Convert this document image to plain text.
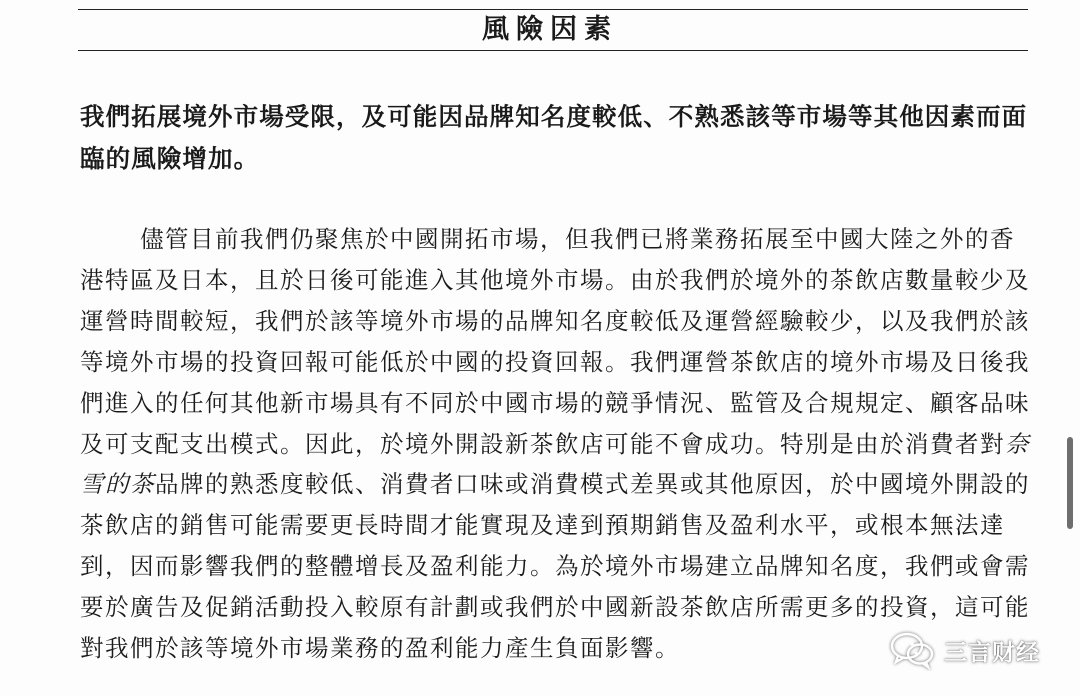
風險因素
我們拓展境外市場受限，及可能因品牌知名度較低、不熟悉該等市場等其他因素而面臨的風險增加。
儘管目前我們仍聚焦於中國開拓市場，但我們已將業務拓展至中國大陸之外的香港特區及日本，且於日後可能進入其他境外市場。由於我們於境外的茶飲店數量較少及運營時間較短，我們於該等境外市場的品牌知名度較低及運營經驗較少，以及我們於該等境外市場的投資回報可能低於中國的投資回報。我們運營茶飲店的境外市場及日後我們進入的任何其他新市場具有不同於中國市場的競爭情況、監管及合規規定、顧客品味及可支配支出模式。因此，於境外開設新茶飲店可能不會成功。特別是由於消費者對奈雪的茶品牌的熟悉度較低、消費者口味或消費模式差異或其他原因，於中國境外開設的茶飲店的銷售可能需要更長時間才能實現及達到預期銷售及盈利水平，或根本無法達到，因而影響我們的整體增長及盈利能力。為於境外市場建立品牌知名度，我們或會需要於廣告及促銷活動投入較原有計劃或我們於中國新設茶飲店所需更多的投資，這可能對我們於該等境外市場業務的盈利能力產生負面影響。	三言财经
